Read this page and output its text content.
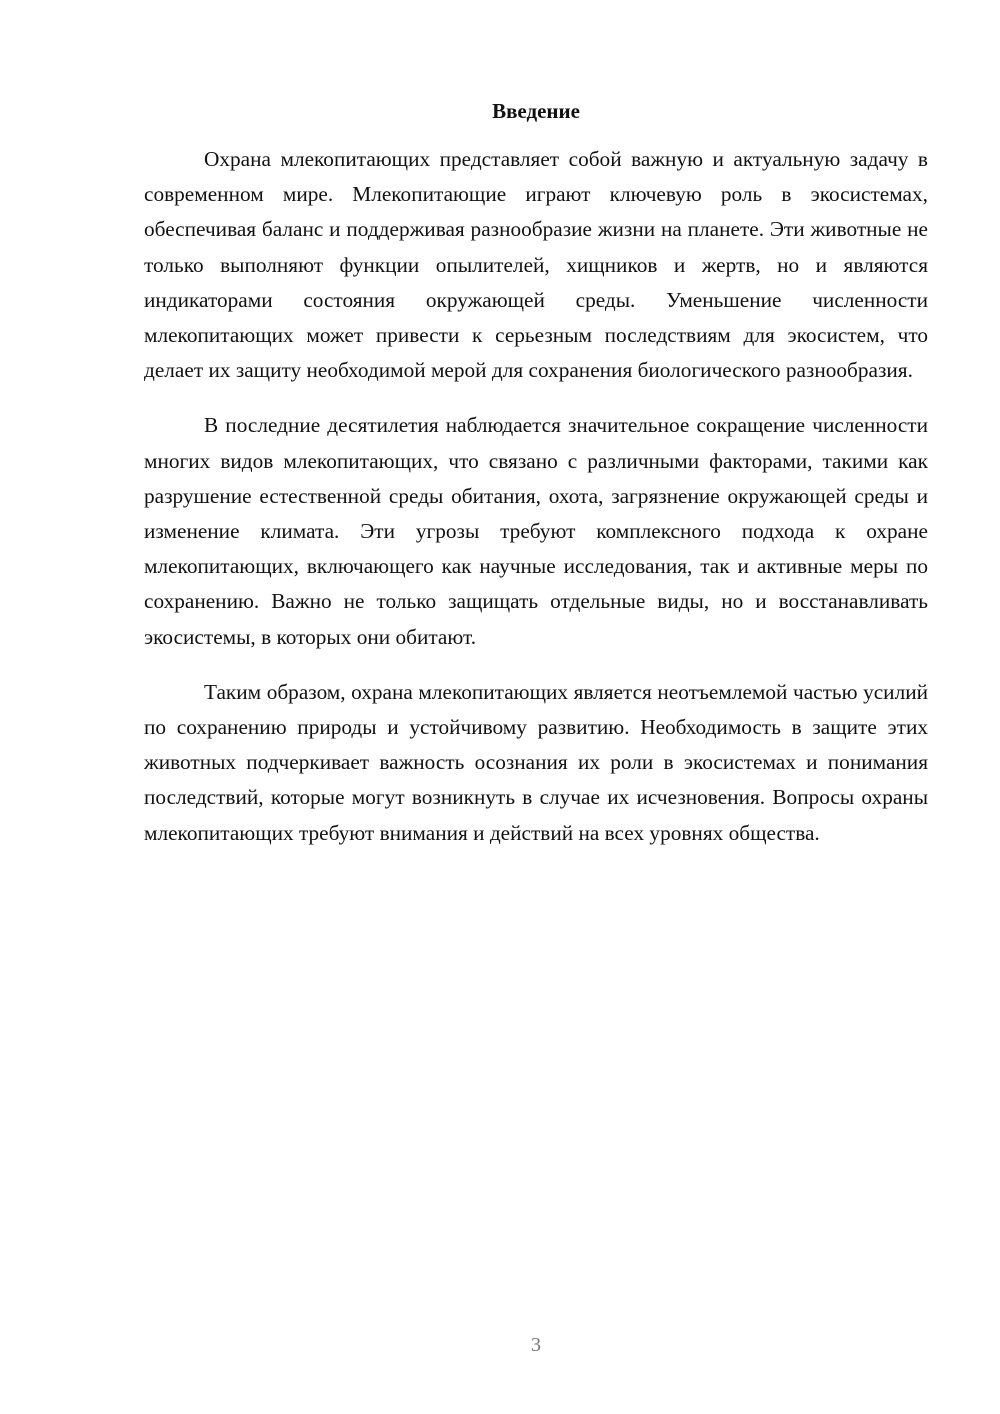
Введение

Охрана млекопитающих представляет собой важную и актуальную задачу в современном мире. Млекопитающие играют ключевую роль в экосистемах, обеспечивая баланс и поддерживая разнообразие жизни на планете. Эти животные не только выполняют функции опылителей, хищников и жертв, но и являются индикаторами состояния окружающей среды. Уменьшение численности млекопитающих может привести к серьезным последствиям для экосистем, что делает их защиту необходимой мерой для сохранения биологического разнообразия.

В последние десятилетия наблюдается значительное сокращение численности многих видов млекопитающих, что связано с различными факторами, такими как разрушение естественной среды обитания, охота, загрязнение окружающей среды и изменение климата. Эти угрозы требуют комплексного подхода к охране млекопитающих, включающего как научные исследования, так и активные меры по сохранению. Важно не только защищать отдельные виды, но и восстанавливать экосистемы, в которых они обитают.

Таким образом, охрана млекопитающих является неотъемлемой частью усилий по сохранению природы и устойчивому развитию. Необходимость в защите этих животных подчеркивает важность осознания их роли в экосистемах и понимания последствий, которые могут возникнуть в случае их исчезновения. Вопросы охраны млекопитающих требуют внимания и действий на всех уровнях общества.

3
